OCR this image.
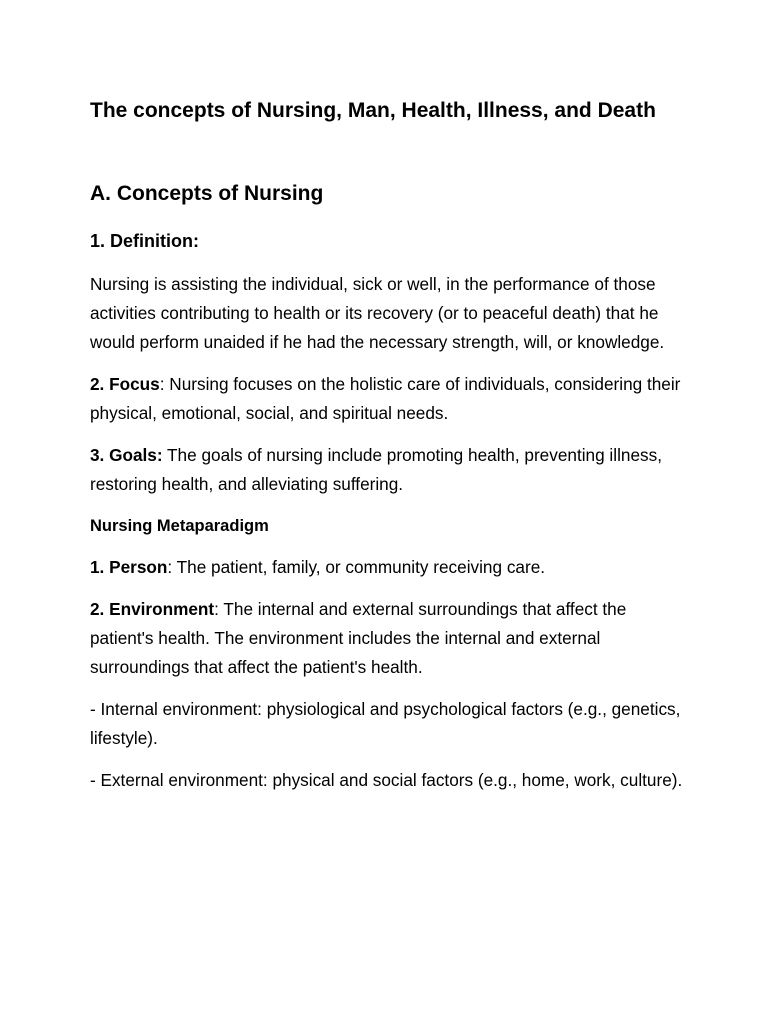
The concepts of Nursing, Man, Health, Illness, and Death
A. Concepts of Nursing
1. Definition:

Nursing is assisting the individual, sick or well, in the performance of those activities contributing to health or its recovery (or to peaceful death) that he would perform unaided if he had the necessary strength, will, or knowledge.

2. Focus: Nursing focuses on the holistic care of individuals, considering their physical, emotional, social, and spiritual needs.

3. Goals: The goals of nursing include promoting health, preventing illness, restoring health, and alleviating suffering.

Nursing Metaparadigm

1. Person: The patient, family, or community receiving care.

2. Environment: The internal and external surroundings that affect the patient's health. The environment includes the internal and external surroundings that affect the patient's health.

- Internal environment: physiological and psychological factors (e.g., genetics, lifestyle).

- External environment: physical and social factors (e.g., home, work, culture).
